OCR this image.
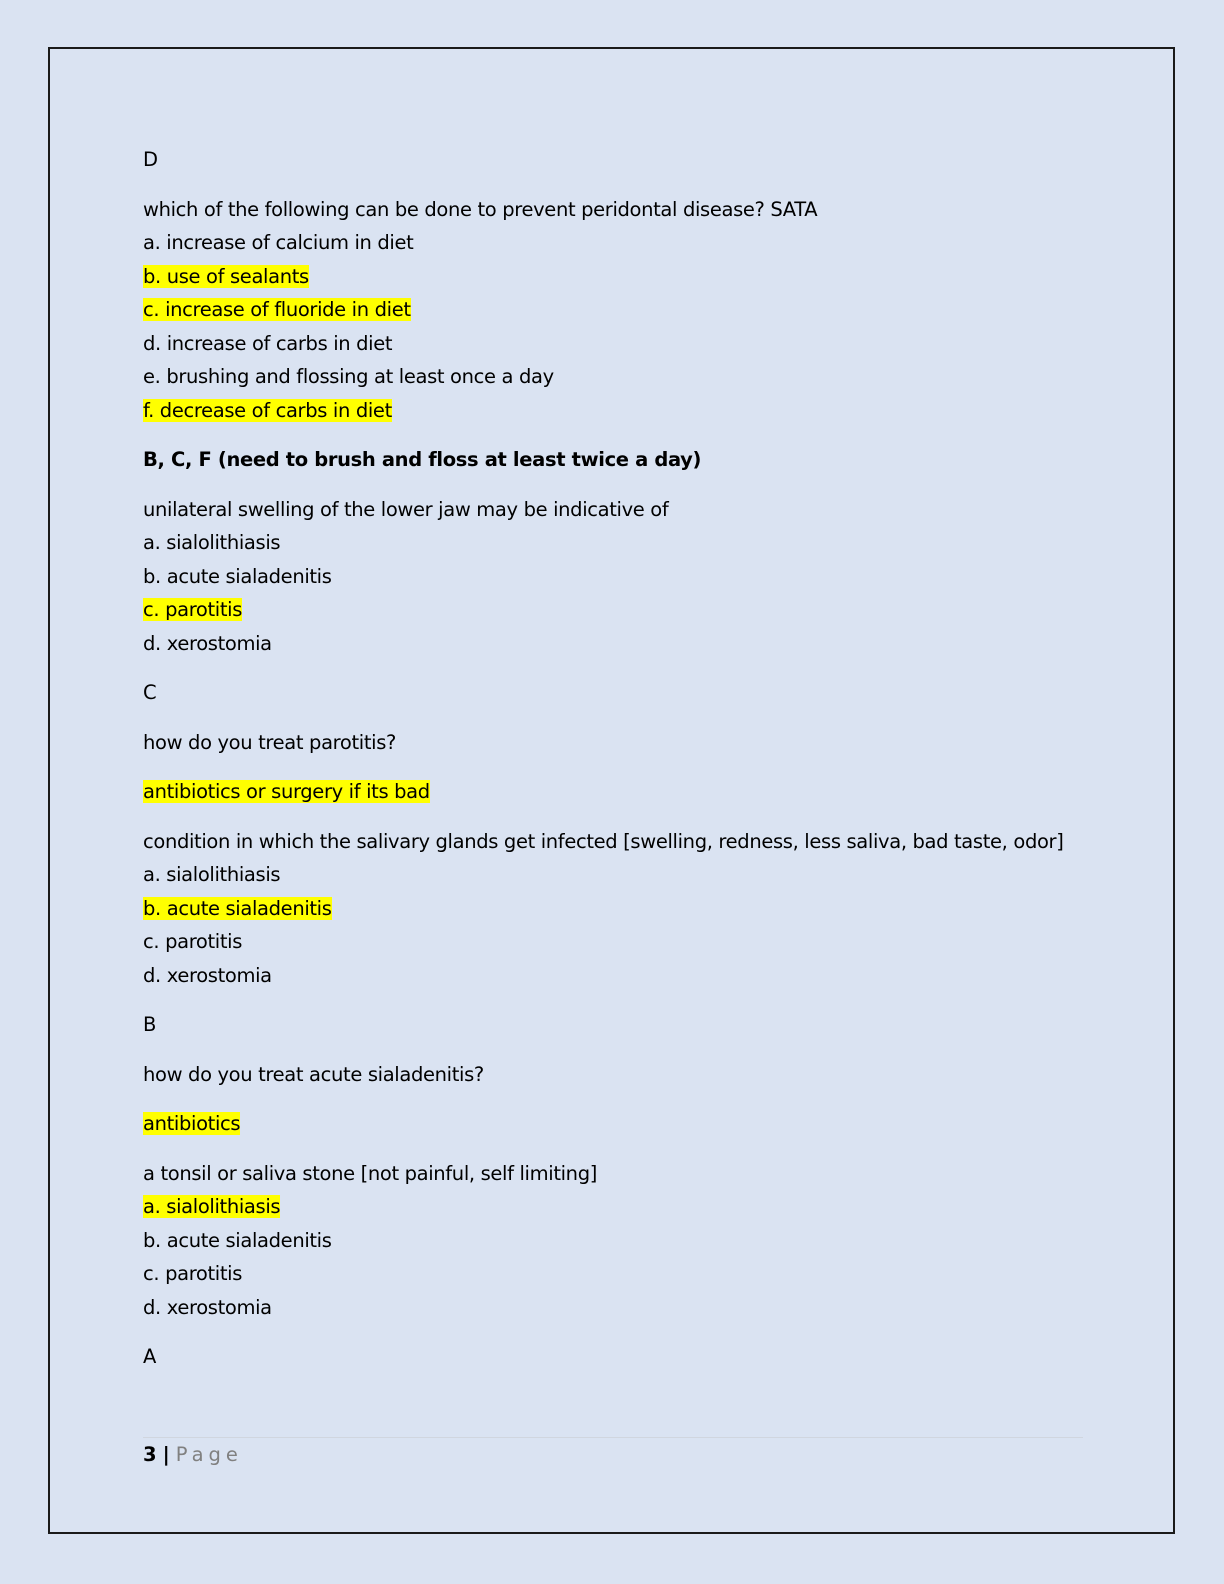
D
which of the following can be done to prevent peridontal disease? SATA
a. increase of calcium in diet
b. use of sealants
c. increase of fluoride in diet
d. increase of carbs in diet
e. brushing and flossing at least once a day
f. decrease of carbs in diet
B, C, F (need to brush and floss at least twice a day)
unilateral swelling of the lower jaw may be indicative of
a. sialolithiasis
b. acute sialadenitis
c. parotitis
d. xerostomia
C
how do you treat parotitis?
antibiotics or surgery if its bad
condition in which the salivary glands get infected [swelling, redness, less saliva, bad taste, odor]
a. sialolithiasis
b. acute sialadenitis
c. parotitis
d. xerostomia
B
how do you treat acute sialadenitis?
antibiotics
a tonsil or saliva stone [not painful, self limiting]
a. sialolithiasis
b. acute sialadenitis
c. parotitis
d. xerostomia
A
3 | Page
